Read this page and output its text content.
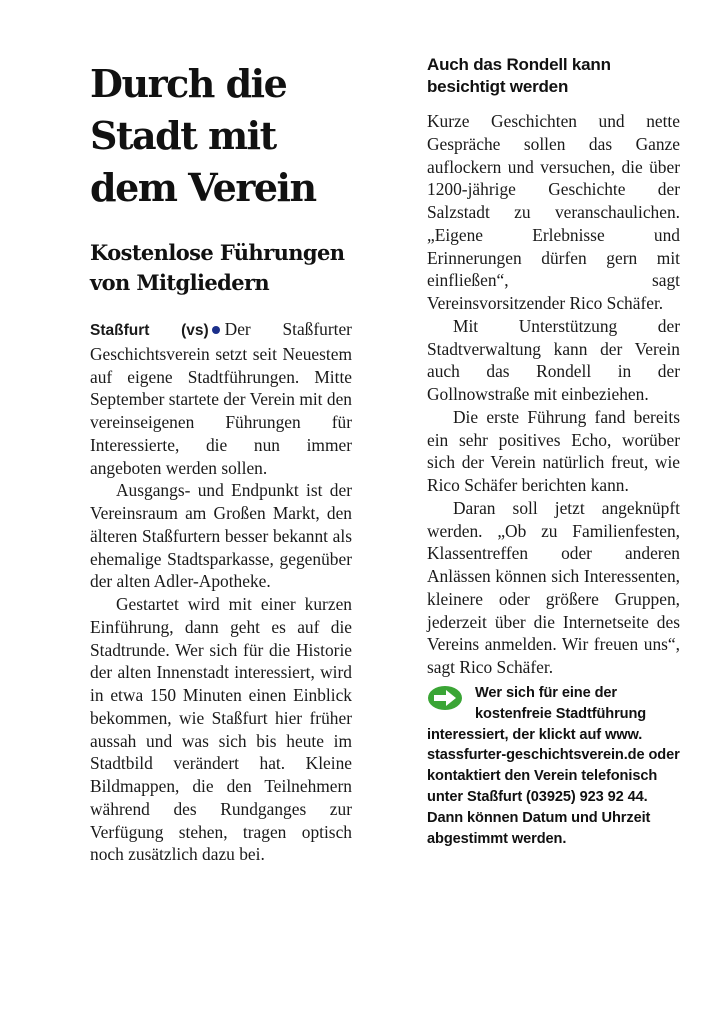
Durch die
Stadt mit
dem Verein
Kostenlose Führungen
von Mitgliedern

Staßfurt (vs) Der Staßfurter Geschichtsverein setzt seit Neuestem auf eigene Stadtführungen. Mitte September startete der Verein mit den vereinseigenen Führungen für Interessierte, die nun immer angeboten werden sollen.

Ausgangs- und Endpunkt ist der Vereinsraum am Großen Markt, den älteren Staßfurtern besser bekannt als ehemalige Stadtsparkasse, gegenüber der alten Adler-Apotheke.

Gestartet wird mit einer kurzen Einführung, dann geht es auf die Stadtrunde. Wer sich für die Historie der alten Innenstadt interessiert, wird in etwa 150 Minuten einen Einblick bekommen, wie Staßfurt hier früher aussah und was sich bis heute im Stadtbild verändert hat. Kleine Bildmappen, die den Teilnehmern während des Rundganges zur Verfügung stehen, tragen optisch noch zusätzlich dazu bei.

Auch das Rondell kann
besichtigt werden

Kurze Geschichten und nette Gespräche sollen das Ganze auflockern und versuchen, die über 1200-jährige Geschichte der Salzstadt zu veranschaulichen. „Eigene Erlebnisse und Erinnerungen dürfen gern mit einfließen“, sagt Vereinsvorsitzender Rico Schäfer.

Mit Unterstützung der Stadtverwaltung kann der Verein auch das Rondell in der Gollnowstraße mit einbeziehen.

Die erste Führung fand bereits ein sehr positives Echo, worüber sich der Verein natürlich freut, wie Rico Schäfer berichten kann.

Daran soll jetzt angeknüpft werden. „Ob zu Familienfesten, Klassentreffen oder anderen Anlässen können sich Interessenten, kleinere oder größere Gruppen, jederzeit über die Internetseite des Vereins anmelden. Wir freuen uns“, sagt Rico Schäfer.

Wer sich für eine der kostenfreie Stadtführung interessiert, der klickt auf www. stassfurter-geschichtsverein.de oder kontaktiert den Verein telefonisch unter Staßfurt (03925) 923 92 44. Dann können Datum und Uhrzeit abgestimmt werden.
